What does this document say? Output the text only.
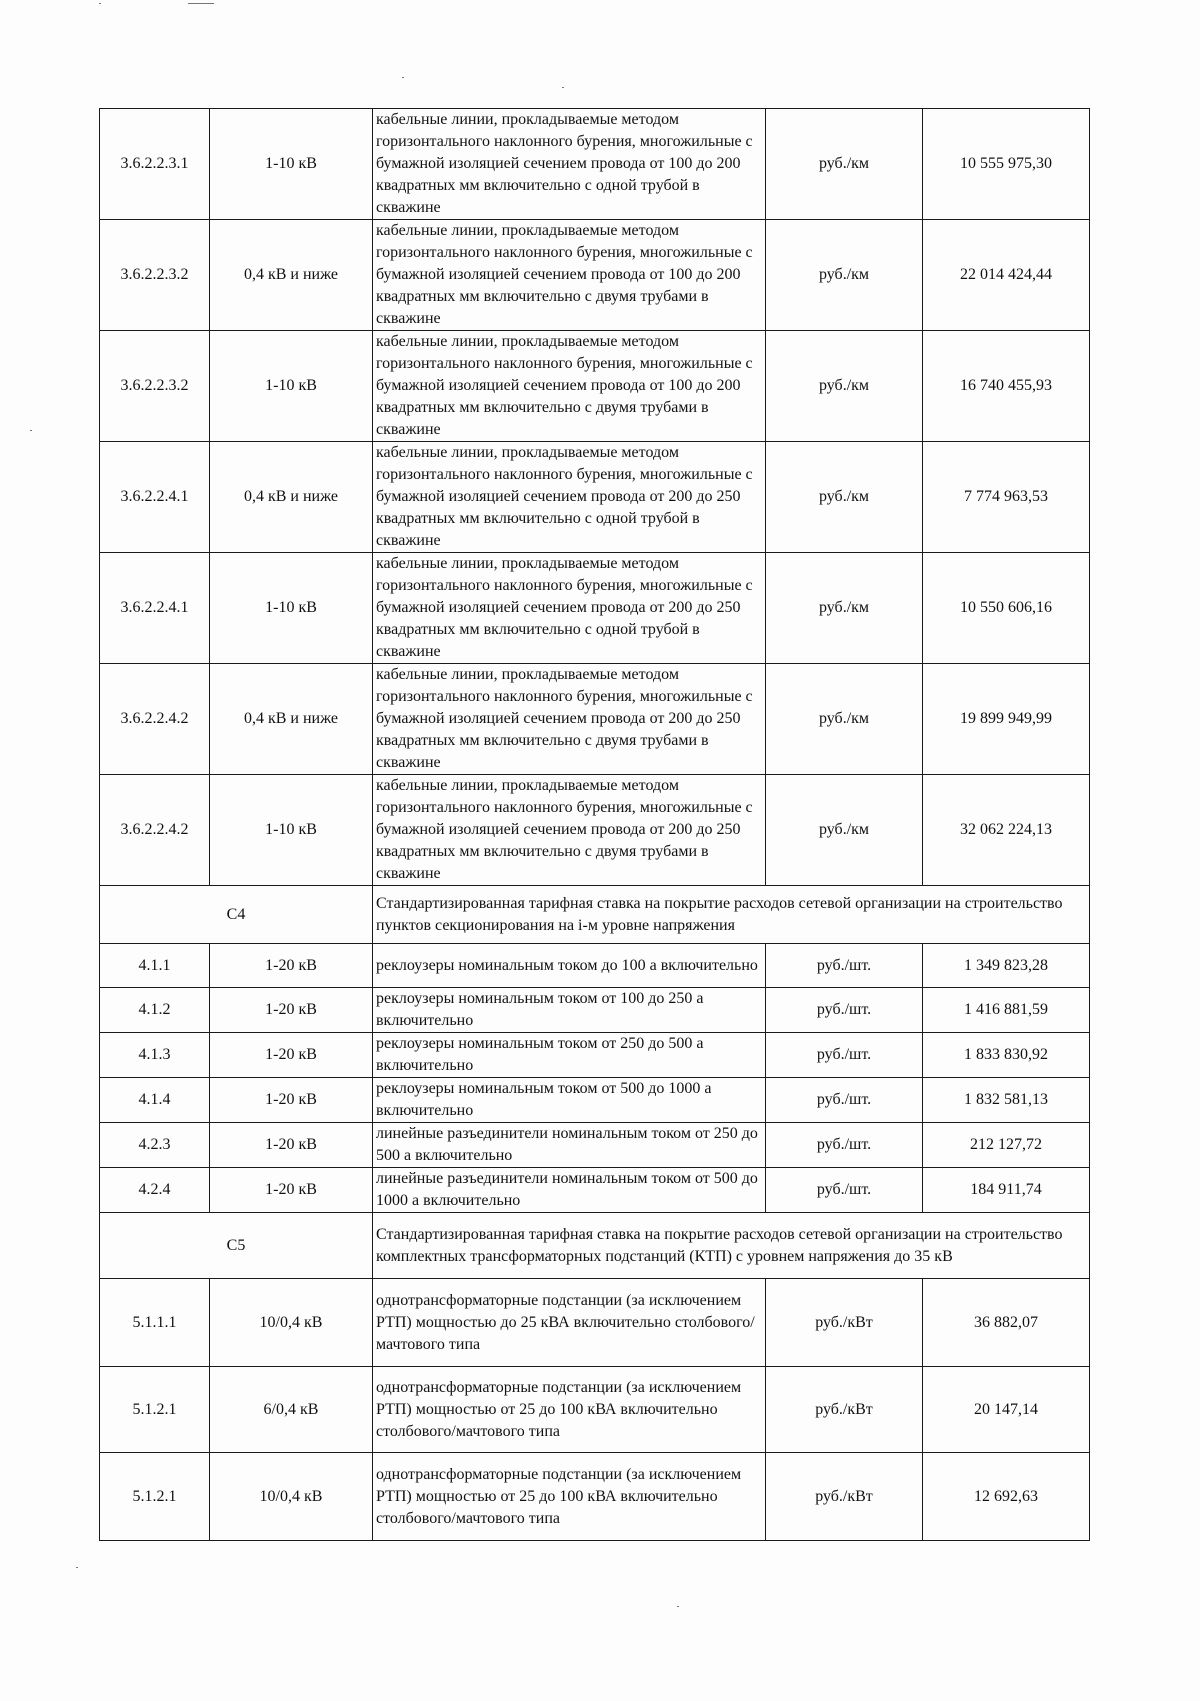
3.6.2.2.3.1	1-10 кВ	кабельные линии, прокладываемые методом горизонтального наклонного бурения, многожильные с бумажной изоляцией сечением провода от 100 до 200 квадратных мм включительно с одной трубой в скважине	руб./км	10 555 975,30
3.6.2.2.3.2	0,4 кВ и ниже	кабельные линии, прокладываемые методом горизонтального наклонного бурения, многожильные с бумажной изоляцией сечением провода от 100 до 200 квадратных мм включительно с двумя трубами в скважине	руб./км	22 014 424,44
3.6.2.2.3.2	1-10 кВ	кабельные линии, прокладываемые методом горизонтального наклонного бурения, многожильные с бумажной изоляцией сечением провода от 100 до 200 квадратных мм включительно с двумя трубами в скважине	руб./км	16 740 455,93
3.6.2.2.4.1	0,4 кВ и ниже	кабельные линии, прокладываемые методом горизонтального наклонного бурения, многожильные с бумажной изоляцией сечением провода от 200 до 250 квадратных мм включительно с одной трубой в скважине	руб./км	7 774 963,53
3.6.2.2.4.1	1-10 кВ	кабельные линии, прокладываемые методом горизонтального наклонного бурения, многожильные с бумажной изоляцией сечением провода от 200 до 250 квадратных мм включительно с одной трубой в скважине	руб./км	10 550 606,16
3.6.2.2.4.2	0,4 кВ и ниже	кабельные линии, прокладываемые методом горизонтального наклонного бурения, многожильные с бумажной изоляцией сечением провода от 200 до 250 квадратных мм включительно с двумя трубами в скважине	руб./км	19 899 949,99
3.6.2.2.4.2	1-10 кВ	кабельные линии, прокладываемые методом горизонтального наклонного бурения, многожильные с бумажной изоляцией сечением провода от 200 до 250 квадратных мм включительно с двумя трубами в скважине	руб./км	32 062 224,13
С4		Стандартизированная тарифная ставка на покрытие расходов сетевой организации на строительство пунктов секционирования на i-м уровне напряжения		
4.1.1	1-20 кВ	реклоузеры номинальным током до 100 а включительно	руб./шт.	1 349 823,28
4.1.2	1-20 кВ	реклоузеры номинальным током от 100 до 250 а включительно	руб./шт.	1 416 881,59
4.1.3	1-20 кВ	реклоузеры номинальным током от 250 до 500 а включительно	руб./шт.	1 833 830,92
4.1.4	1-20 кВ	реклоузеры номинальным током от 500 до 1000 а включительно	руб./шт.	1 832 581,13
4.2.3	1-20 кВ	линейные разъединители номинальным током от 250 до 500 а включительно	руб./шт.	212 127,72
4.2.4	1-20 кВ	линейные разъединители номинальным током от 500 до 1000 а включительно	руб./шт.	184 911,74
С5		Стандартизированная тарифная ставка на покрытие расходов сетевой организации на строительство комплектных трансформаторных подстанций (КТП) с уровнем напряжения до 35 кВ		
5.1.1.1	10/0,4 кВ	однотрансформаторные подстанции (за исключением РТП) мощностью до 25 кВА включительно столбового/мачтового типа	руб./кВт	36 882,07
5.1.2.1	6/0,4 кВ	однотрансформаторные подстанции (за исключением РТП) мощностью от 25 до 100 кВА включительно столбового/мачтового типа	руб./кВт	20 147,14
5.1.2.1	10/0,4 кВ	однотрансформаторные подстанции (за исключением РТП) мощностью от 25 до 100 кВА включительно столбового/мачтового типа	руб./кВт	12 692,63
